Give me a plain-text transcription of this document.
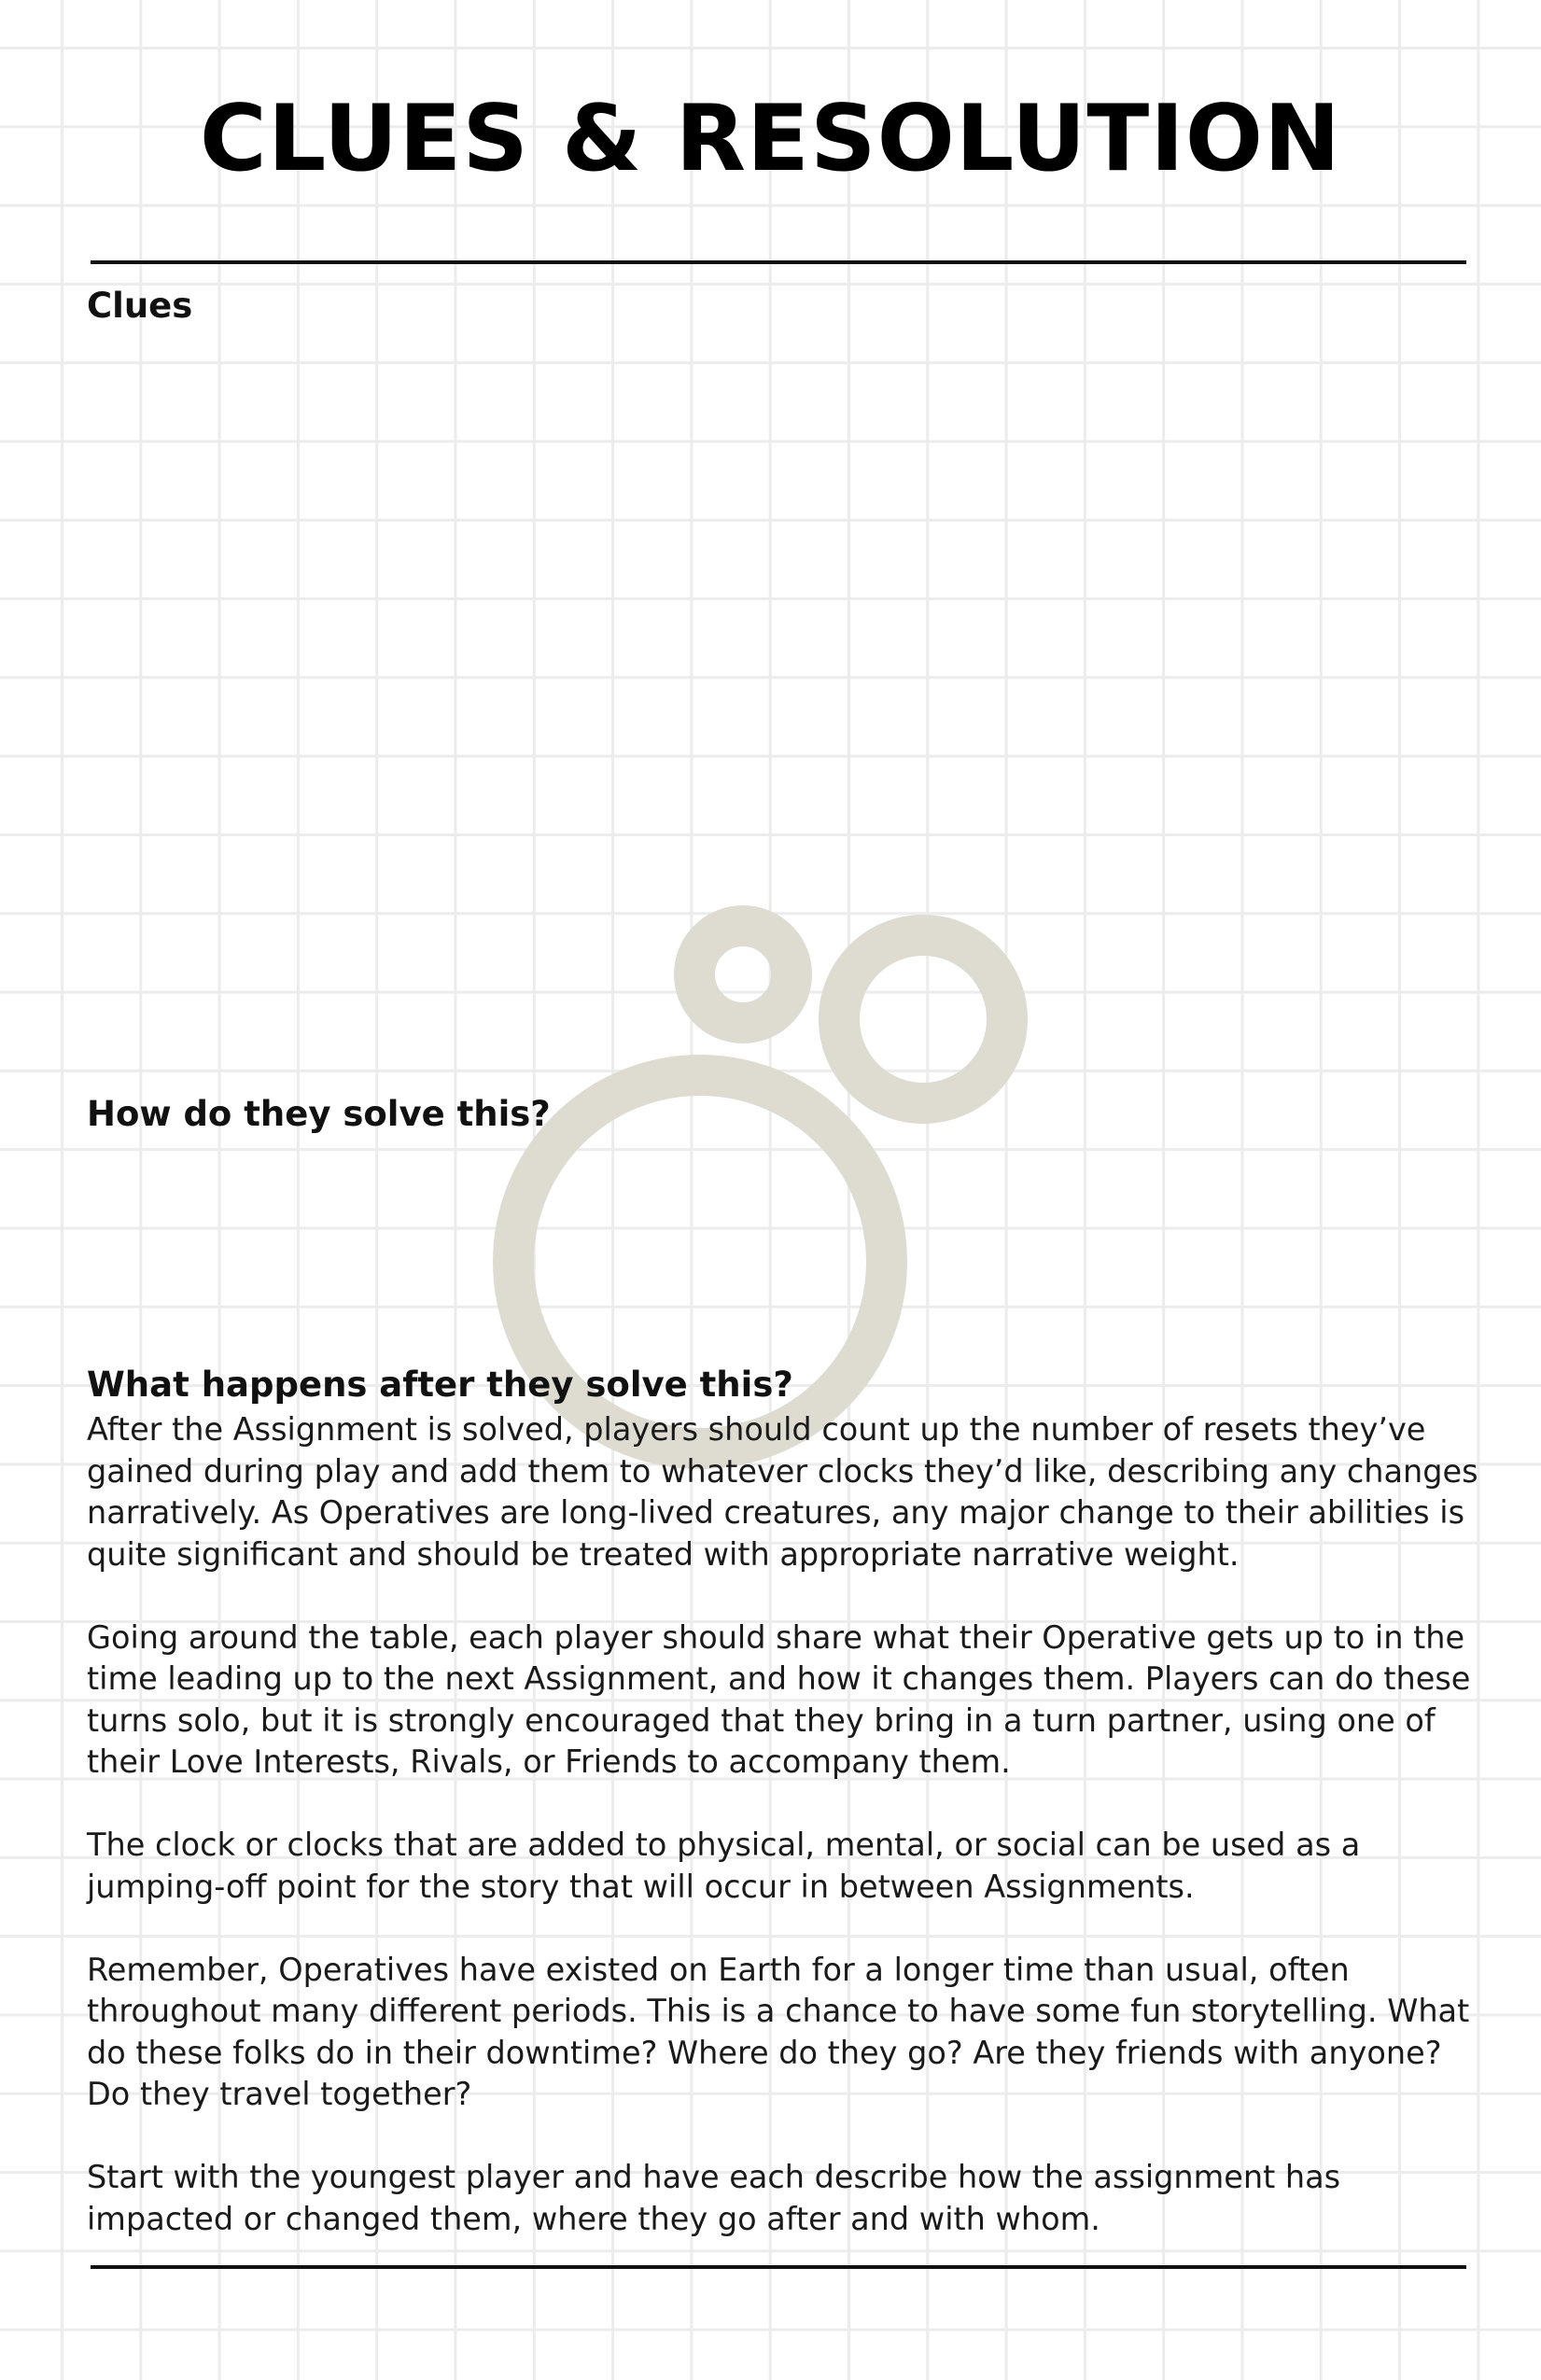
CLUES & RESOLUTION
Clues
How do they solve this?
What happens after they solve this?

After the Assignment is solved, players should count up the number of resets they’ve gained during play and add them to whatever clocks they’d like, describing any changes narratively. As Operatives are long-lived creatures, any major change to their abilities is quite significant and should be treated with appropriate narrative weight.

Going around the table, each player should share what their Operative gets up to in the time leading up to the next Assignment, and how it changes them. Players can do these turns solo, but it is strongly encouraged that they bring in a turn partner, using one of their Love Interests, Rivals, or Friends to accompany them.

The clock or clocks that are added to physical, mental, or social can be used as a jumping-off point for the story that will occur in between Assignments.

Remember, Operatives have existed on Earth for a longer time than usual, often throughout many different periods. This is a chance to have some fun storytelling. What do these folks do in their downtime? Where do they go? Are they friends with anyone? Do they travel together?

Start with the youngest player and have each describe how the assignment has impacted or changed them, where they go after and with whom.
